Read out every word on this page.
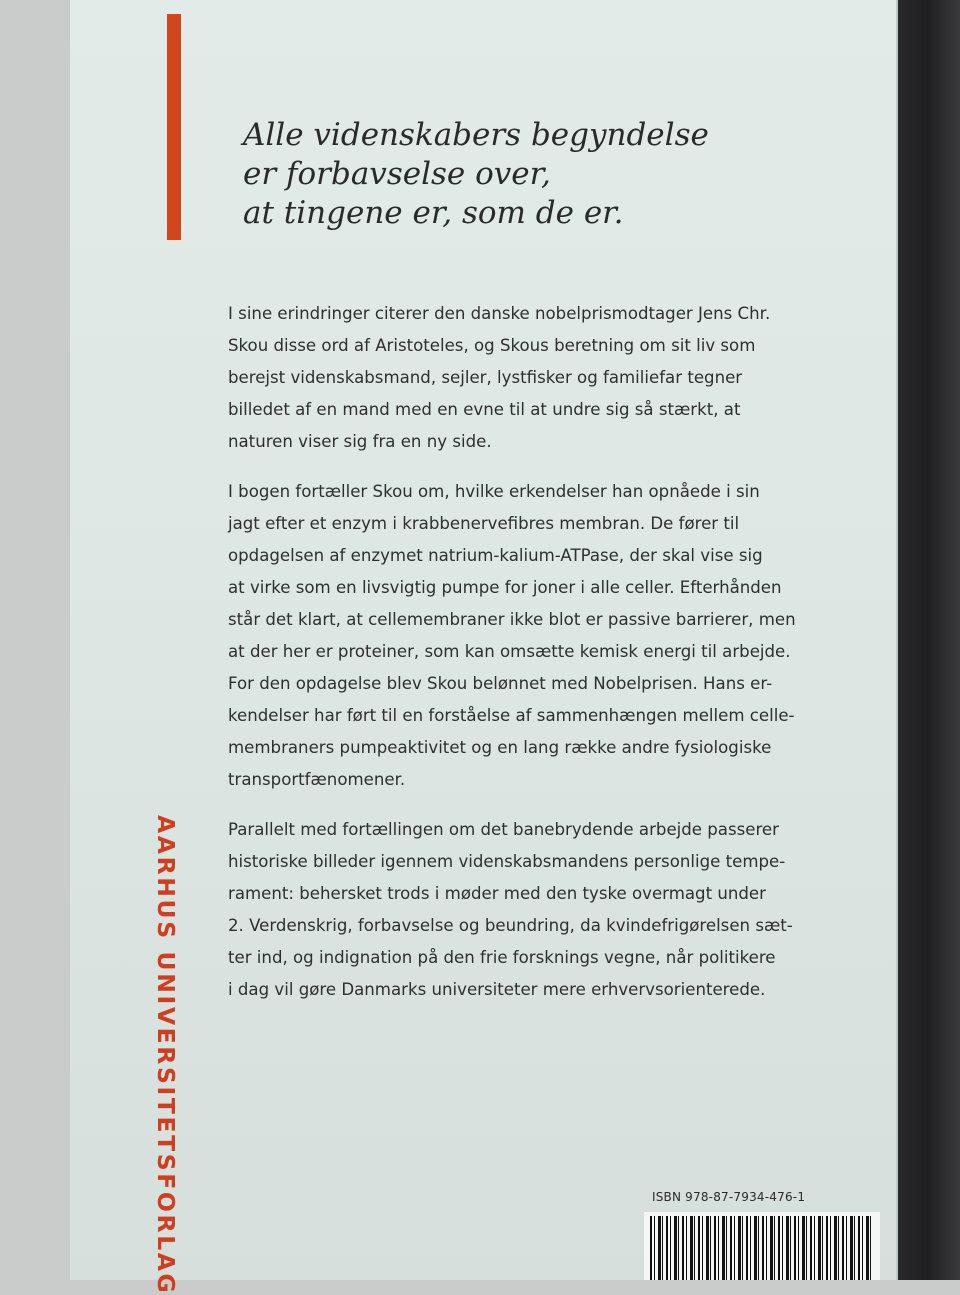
Alle videnskabers begyndelse
er forbavselse over,
at tingene er, som de er.

I sine erindringer citerer den danske nobelprismodtager Jens Chr.
Skou disse ord af Aristoteles, og Skous beretning om sit liv som
berejst videnskabsmand, sejler, lystfisker og familiefar tegner
billedet af en mand med en evne til at undre sig så stærkt, at
naturen viser sig fra en ny side.

I bogen fortæller Skou om, hvilke erkendelser han opnåede i sin
jagt efter et enzym i krabbenervefibres membran. De fører til
opdagelsen af enzymet natrium-kalium-ATPase, der skal vise sig
at virke som en livsvigtig pumpe for joner i alle celler. Efterhånden
står det klart, at cellemembraner ikke blot er passive barrierer, men
at der her er proteiner, som kan omsætte kemisk energi til arbejde.
For den opdagelse blev Skou belønnet med Nobelprisen. Hans er-
kendelser har ført til en forståelse af sammenhængen mellem celle-
membraners pumpeaktivitet og en lang række andre fysiologiske
transportfænomener.

Parallelt med fortællingen om det banebrydende arbejde passerer
historiske billeder igennem videnskabsmandens personlige tempe-
rament: behersket trods i møder med den tyske overmagt under
2. Verdenskrig, forbavselse og beundring, da kvindefrigørelsen sæt-
ter ind, og indignation på den frie forsknings vegne, når politikere
i dag vil gøre Danmarks universiteter mere erhvervsorienterede.

AARHUS UNIVERSITETSFORLAG	ISBN 978-87-7934-476-1
